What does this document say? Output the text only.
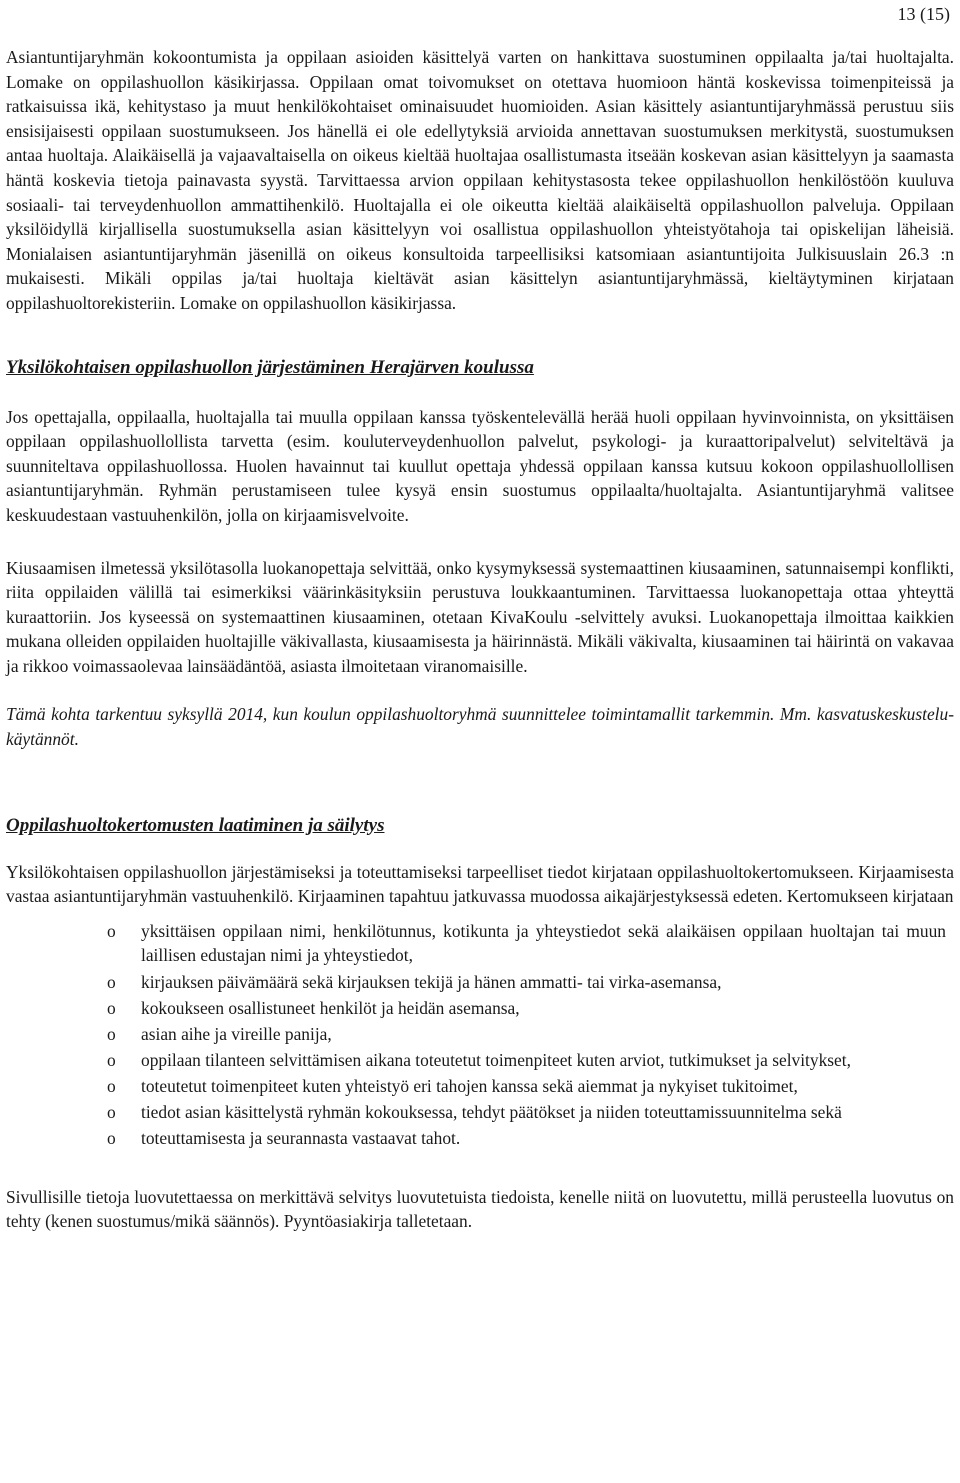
13 (15)

Asiantuntijaryhmän kokoontumista ja oppilaan asioiden käsittelyä varten on hankittava suostuminen oppilaalta ja/tai huoltajalta. Lomake on oppilashuollon käsikirjassa. Oppilaan omat toivomukset on otettava huomioon häntä koskevissa toimenpiteissä ja ratkaisuissa ikä, kehitystaso ja muut henkilökohtaiset ominaisuudet huomioiden. Asian käsittely asiantuntijaryhmässä perustuu siis ensisijaisesti oppilaan suostumukseen. Jos hänellä ei ole edellytyksiä arvioida annettavan suostumuksen merkitystä, suostumuksen antaa huoltaja. Alaikäisellä ja vajaavaltaisella on oikeus kieltää huoltajaa osallistumasta itseään koskevan asian käsittelyyn ja saamasta häntä koskevia tietoja painavasta syystä. Tarvittaessa arvion oppilaan kehitystasosta tekee oppilashuollon henkilöstöön kuuluva sosiaali- tai terveydenhuollon ammattihenkilö. Huoltajalla ei ole oikeutta kieltää alaikäiseltä oppilashuollon palveluja. Oppilaan yksilöidyllä kirjallisella suostumuksella asian käsittelyyn voi osallistua oppilashuollon yhteistyötahoja tai opiskelijan läheisiä. Monialaisen asiantuntijaryhmän jäsenillä on oikeus konsultoida tarpeellisiksi katsomiaan asiantuntijoita Julkisuuslain 26.3 :n mukaisesti. Mikäli oppilas ja/tai huoltaja kieltävät asian käsittelyn asiantuntijaryhmässä, kieltäytyminen kirjataan oppilashuoltorekisteriin. Lomake on oppilashuollon käsikirjassa.

Yksilökohtaisen oppilashuollon järjestäminen Herajärven koulussa

Jos opettajalla, oppilaalla, huoltajalla tai muulla oppilaan kanssa työskentelevällä herää huoli oppilaan hyvinvoinnista, on yksittäisen oppilaan oppilashuollollista tarvetta (esim. kouluterveydenhuollon palvelut, psykologi- ja kuraattoripalvelut) selviteltävä ja suunniteltava oppilashuollossa. Huolen havainnut tai kuullut opettaja yhdessä oppilaan kanssa kutsuu kokoon oppilashuollollisen asiantuntijaryhmän. Ryhmän perustamiseen tulee kysyä ensin suostumus oppilaalta/huoltajalta. Asiantuntijaryhmä valitsee keskuudestaan vastuuhenkilön, jolla on kirjaamisvelvoite.

Kiusaamisen ilmetessä yksilötasolla luokanopettaja selvittää, onko kysymyksessä systemaattinen kiusaaminen, satunnaisempi konflikti, riita oppilaiden välillä tai esimerkiksi väärinkäsityksiin perustuva loukkaantuminen. Tarvittaessa luokanopettaja ottaa yhteyttä kuraattoriin. Jos kyseessä on systemaattinen kiusaaminen, otetaan KivaKoulu -selvittely avuksi. Luokanopettaja ilmoittaa kaikkien mukana olleiden oppilaiden huoltajille väkivallasta, kiusaamisesta ja häirinnästä. Mikäli väkivalta, kiusaaminen tai häirintä on vakavaa ja rikkoo voimassaolevaa lainsäädäntöä, asiasta ilmoitetaan viranomaisille.

Tämä kohta tarkentuu syksyllä 2014, kun koulun oppilashuoltoryhmä suunnittelee toimintamallit tarkemmin. Mm. kasvatuskeskustelu-käytännöt.

Oppilashuoltokertomusten laatiminen ja säilytys

Yksilökohtaisen oppilashuollon järjestämiseksi ja toteuttamiseksi tarpeelliset tiedot kirjataan oppilashuoltokertomukseen. Kirjaamisesta vastaa asiantuntijaryhmän vastuuhenkilö. Kirjaaminen tapahtuu jatkuvassa muodossa aikajärjestyksessä edeten. Kertomukseen kirjataan

o yksittäisen oppilaan nimi, henkilötunnus, kotikunta ja yhteystiedot sekä alaikäisen oppilaan huoltajan tai muun laillisen edustajan nimi ja yhteystiedot,
o kirjauksen päivämäärä sekä kirjauksen tekijä ja hänen ammatti- tai virka-asemansa,
o kokoukseen osallistuneet henkilöt ja heidän asemansa,
o asian aihe ja vireille panija,
o oppilaan tilanteen selvittämisen aikana toteutetut toimenpiteet kuten arviot, tutkimukset ja selvitykset,
o toteutetut toimenpiteet kuten yhteistyö eri tahojen kanssa sekä aiemmat ja nykyiset tukitoimet,
o tiedot asian käsittelystä ryhmän kokouksessa, tehdyt päätökset ja niiden toteuttamissuunnitelma sekä
o toteuttamisesta ja seurannasta vastaavat tahot.

Sivullisille tietoja luovutettaessa on merkittävä selvitys luovutetuista tiedoista, kenelle niitä on luovutettu, millä perusteella luovutus on tehty (kenen suostumus/mikä säännös). Pyyntöasiakirja talletetaan.
